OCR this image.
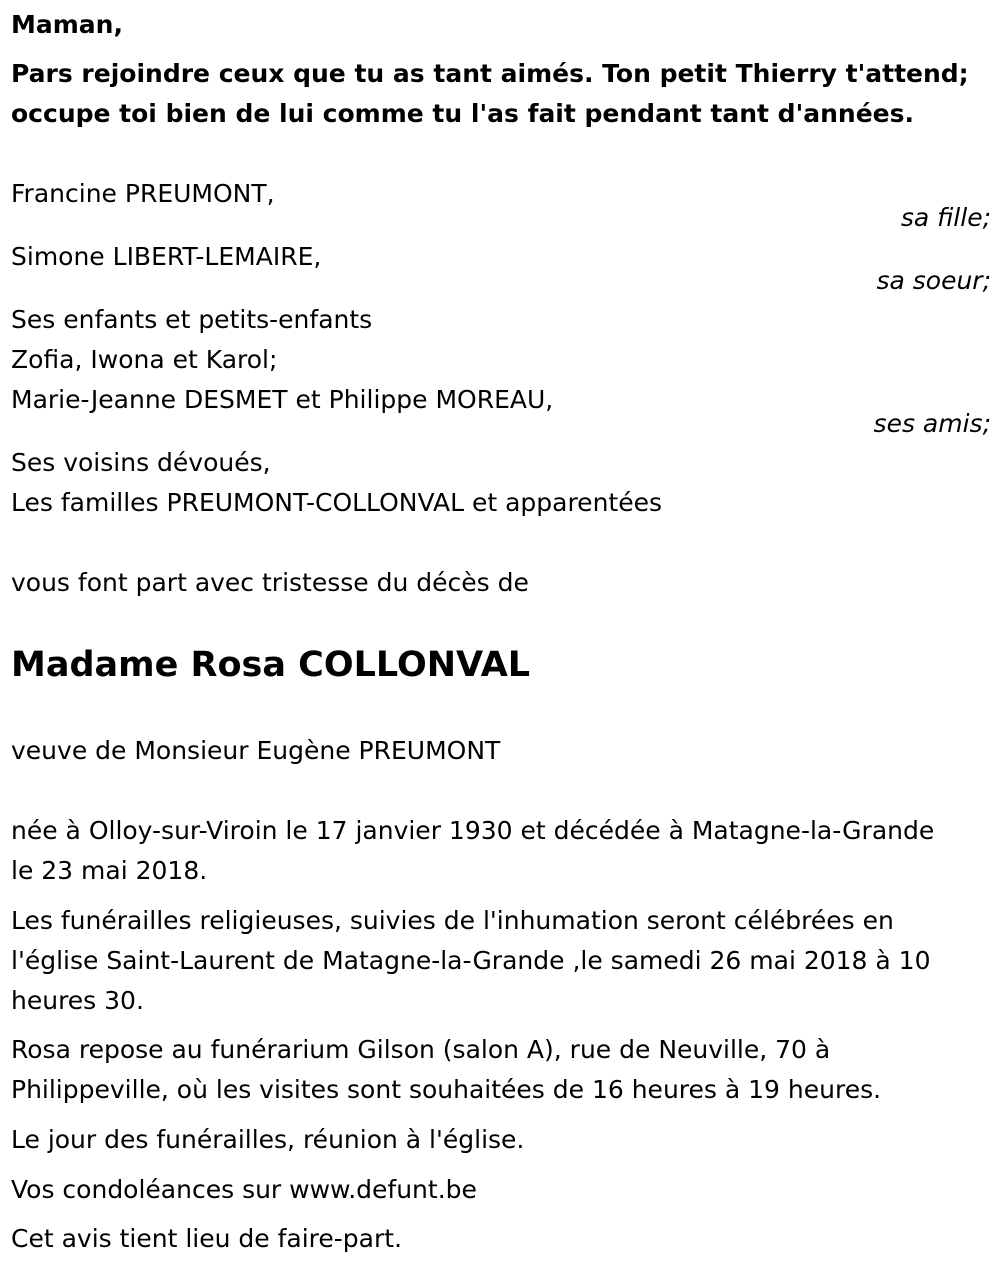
Maman,
Pars rejoindre ceux que tu as tant aimés. Ton petit Thierry t'attend;
occupe toi bien de lui comme tu l'as fait pendant tant d'années.
Francine PREUMONT,
sa fille;
Simone LIBERT-LEMAIRE,
sa soeur;
Ses enfants et petits-enfants
Zofia, Iwona et Karol;
Marie-Jeanne DESMET et Philippe MOREAU,
ses amis;
Ses voisins dévoués,
Les familles PREUMONT-COLLONVAL et apparentées
vous font part avec tristesse du décès de
Madame Rosa COLLONVAL
veuve de Monsieur Eugène PREUMONT
née à Olloy-sur-Viroin le 17 janvier 1930 et décédée à Matagne-la-Grande
le 23 mai 2018.
Les funérailles religieuses, suivies de l'inhumation seront célébrées en
l'église Saint-Laurent de Matagne-la-Grande ,le samedi 26 mai 2018 à 10
heures 30.
Rosa repose au funérarium Gilson (salon A), rue de Neuville, 70 à
Philippeville, où les visites sont souhaitées de 16 heures à 19 heures.
Le jour des funérailles, réunion à l'église.
Vos condoléances sur www.defunt.be
Cet avis tient lieu de faire-part.
